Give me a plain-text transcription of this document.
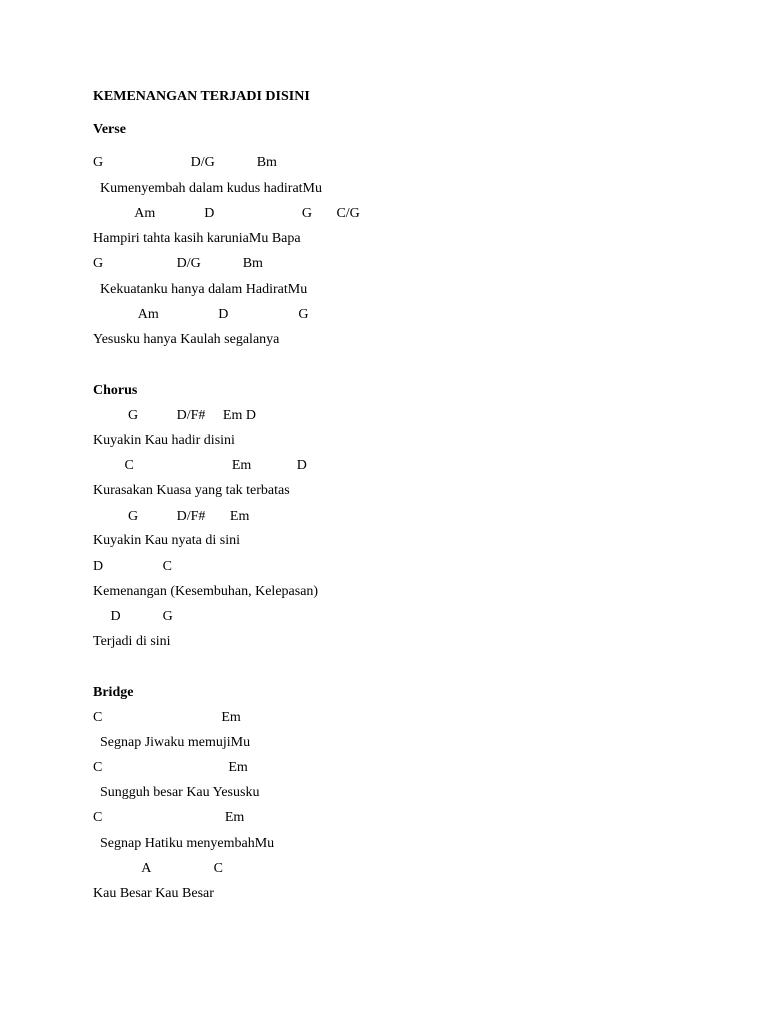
KEMENANGAN TERJADI DISINI
Verse
G                         D/G            Bm
Kumenyembah dalam kudus hadiratMu
Am              D                         G       C/G
Hampiri tahta kasih karuniaMu Bapa
G                     D/G            Bm
Kekuatanku hanya dalam HadiratMu
Am                 D                    G
Yesusku hanya Kaulah segalanya
Chorus
G           D/F#     Em D
Kuyakin Kau hadir disini
C                            Em             D
Kurasakan Kuasa yang tak terbatas
G           D/F#       Em
Kuyakin Kau nyata di sini
D                 C
Kemenangan (Kesembuhan, Kelepasan)
D            G
Terjadi di sini
Bridge
C                                  Em
Segnap Jiwaku memujiMu
C                                    Em
Sungguh besar Kau Yesusku
C                                   Em
Segnap Hatiku menyembahMu
A                  C
Kau Besar Kau Besar
